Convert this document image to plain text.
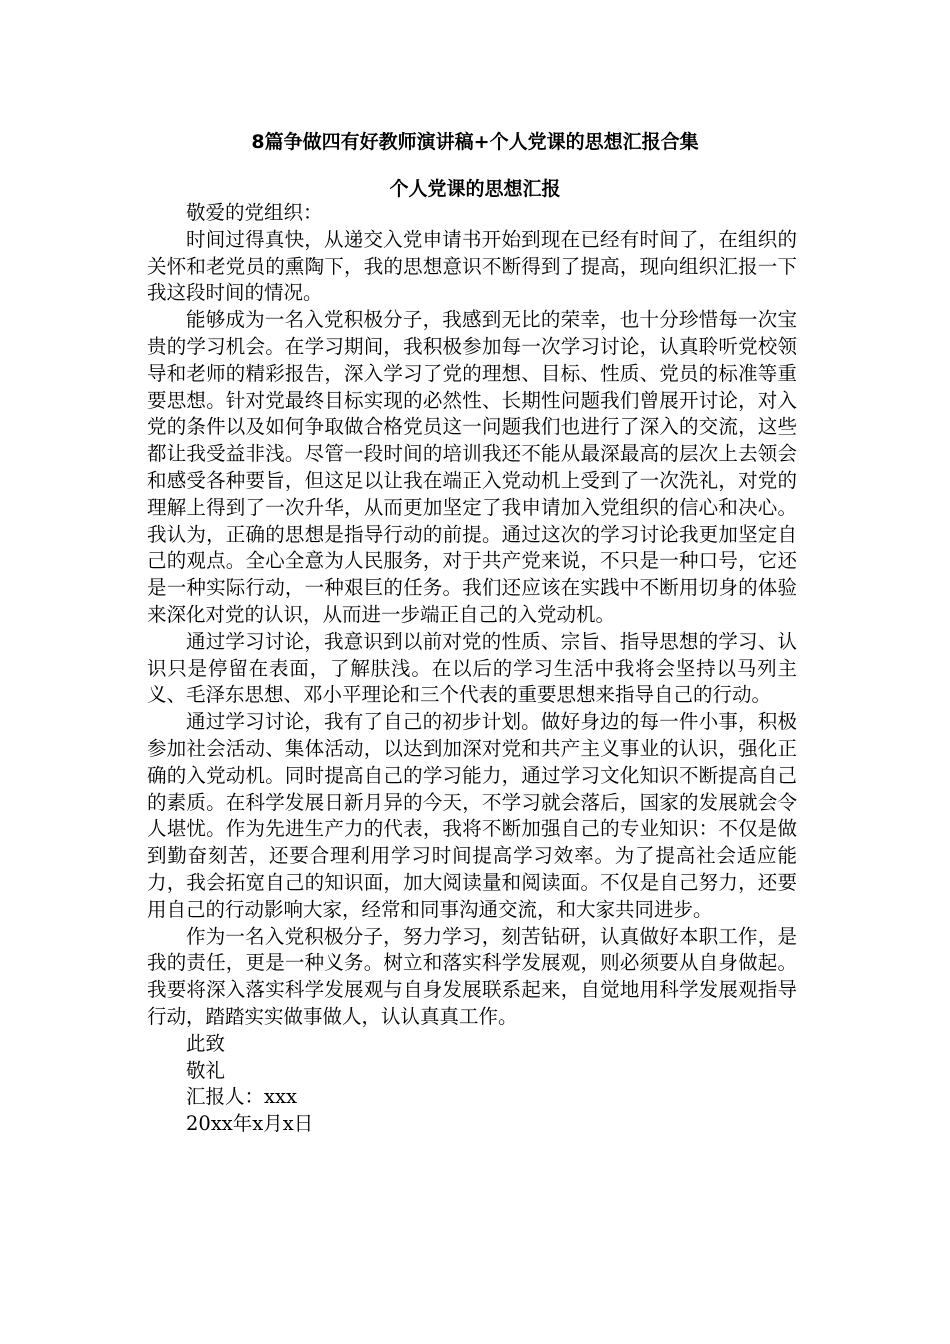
8篇争做四有好教师演讲稿+个人党课的思想汇报合集
个人党课的思想汇报

敬爱的党组织：

时间过得真快，从递交入党申请书开始到现在已经有时间了，在组织的关怀和老党员的熏陶下，我的思想意识不断得到了提高，现向组织汇报一下我这段时间的情况。

能够成为一名入党积极分子，我感到无比的荣幸，也十分珍惜每一次宝贵的学习机会。在学习期间，我积极参加每一次学习讨论，认真聆听党校领导和老师的精彩报告，深入学习了党的理想、目标、性质、党员的标准等重要思想。针对党最终目标实现的必然性、长期性问题我们曾展开讨论，对入党的条件以及如何争取做合格党员这一问题我们也进行了深入的交流，这些都让我受益非浅。尽管一段时间的培训我还不能从最深最高的层次上去领会和感受各种要旨，但这足以让我在端正入党动机上受到了一次洗礼，对党的理解上得到了一次升华，从而更加坚定了我申请加入党组织的信心和决心。我认为，正确的思想是指导行动的前提。通过这次的学习讨论我更加坚定自己的观点。全心全意为人民服务，对于共产党来说，不只是一种口号，它还是一种实际行动，一种艰巨的任务。我们还应该在实践中不断用切身的体验来深化对党的认识，从而进一步端正自己的入党动机。

通过学习讨论，我意识到以前对党的性质、宗旨、指导思想的学习、认识只是停留在表面，了解肤浅。在以后的学习生活中我将会坚持以马列主义、毛泽东思想、邓小平理论和三个代表的重要思想来指导自己的行动。

通过学习讨论，我有了自己的初步计划。做好身边的每一件小事，积极参加社会活动、集体活动，以达到加深对党和共产主义事业的认识，强化正确的入党动机。同时提高自己的学习能力，通过学习文化知识不断提高自己的素质。在科学发展日新月异的今天，不学习就会落后，国家的发展就会令人堪忧。作为先进生产力的代表，我将不断加强自己的专业知识：不仅是做到勤奋刻苦，还要合理利用学习时间提高学习效率。为了提高社会适应能力，我会拓宽自己的知识面，加大阅读量和阅读面。不仅是自己努力，还要用自己的行动影响大家，经常和同事沟通交流，和大家共同进步。

作为一名入党积极分子，努力学习，刻苦钻研，认真做好本职工作，是我的责任，更是一种义务。树立和落实科学发展观，则必须要从自身做起。我要将深入落实科学发展观与自身发展联系起来，自觉地用科学发展观指导行动，踏踏实实做事做人，认认真真工作。

此致

敬礼

汇报人：xxx

20xx年x月x日
